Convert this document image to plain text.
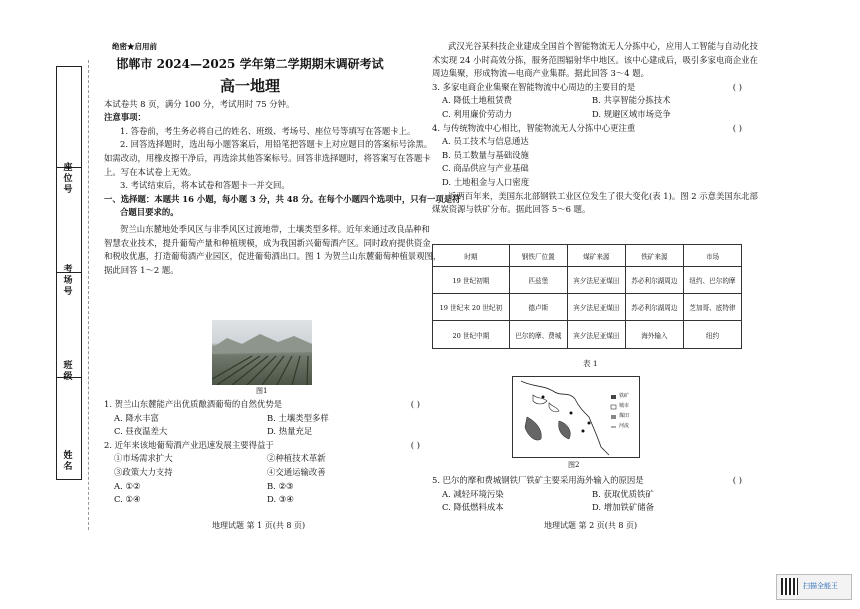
座位号
考场号
班级
姓名

绝密★启用前

邯郸市 2024—2025 学年第二学期期末调研考试

高一地理

本试卷共 8 页，满分 100 分，考试用时 75 分钟。

注意事项：

1. 答卷前，考生务必将自己的姓名、班级、考场号、座位号等填写在答题卡上。

2. 回答选择题时，选出每小题答案后，用铅笔把答题卡上对应题目的答案标号涂黑。

如需改动，用橡皮擦干净后，再选涂其他答案标号。回答非选择题时，将答案写在答题卡

上。写在本试卷上无效。

3. 考试结束后，将本试卷和答题卡一并交回。

一、选择题：本题共 16 小题，每小题 3 分，共 48 分。在每个小题四个选项中，只有一项是符

合题目要求的。

贺兰山东麓地处季风区与非季风区过渡地带，土壤类型多样。近年来通过改良品种和

智慧农业技术，提升葡萄产量和种植规模，成为我国新兴葡萄酒产区。同时政府提供资金

和税收优惠，打造葡萄酒产业园区，促进葡萄酒出口。图 1 为贺兰山东麓葡萄种植景观图，

据此回答 1～2 题。

图1

1. 贺兰山东麓能产出优质酿酒葡萄的自然优势是	( )

A. 降水丰富	B. 土壤类型多样
C. 昼夜温差大	D. 热量充足

2. 近年来该地葡萄酒产业迅速发展主要得益于	( )

①市场需求扩大	②种植技术革新
③政策大力支持	④交通运输改善
A. ①②	B. ②③
C. ①④	D. ③④
地理试题 第 1 页(共 8 页)

武汉光谷某科技企业建成全国首个智能物流无人分拣中心，应用人工智能与自动化技

术实现 24 小时高效分拣，服务范围辐射华中地区。该中心建成后，吸引多家电商企业在

周边集聚，形成物流—电商产业集群。据此回答 3～4 题。

3. 多家电商企业集聚在智能物流中心周边的主要目的是	( )

A. 降低土地租赁费	B. 共享智能分拣技术
C. 利用廉价劳动力	D. 规避区域市场竞争

4. 与传统物流中心相比，智能物流无人分拣中心更注重	( )

A. 员工技术与信息通达

B. 员工数量与基础设施

C. 商品供应与产业基础

D. 土地租金与人口密度

近两百年来，美国东北部钢铁工业区位发生了很大变化(表 1)。图 2 示意美国东北部

煤炭资源与铁矿分布。据此回答 5～6 题。

时期	钢铁厂位置	煤矿来源	铁矿来源	市场
19 世纪初期	匹兹堡	宾夕法尼亚煤田	苏必利尔湖周边	纽约、巴尔的摩
19 世纪末 20 世纪初	德卢斯	宾夕法尼亚煤田	苏必利尔湖周边	芝加哥、底特律
20 世纪中期	巴尔的摩、费城	宾夕法尼亚煤田	海外输入	纽约
表 1
铁矿
城市
煤田
河流
图2

5. 巴尔的摩和费城钢铁厂铁矿主要采用海外输入的原因是	( )

A. 减轻环境污染	B. 获取优质铁矿
C. 降低燃料成本	D. 增加铁矿储备
地理试题 第 2 页(共 8 页)
扫描全能王
